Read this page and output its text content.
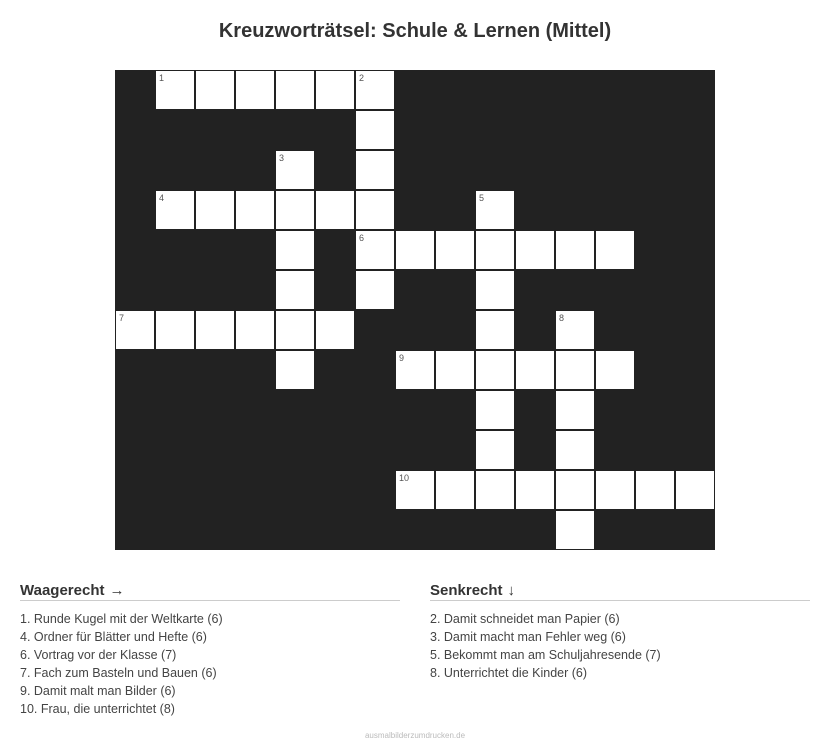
Kreuzworträtsel: Schule & Lernen (Mittel)
1	2
3
4	5
6
7	8
9
10
Waagerecht →
1. Runde Kugel mit der Weltkarte (6)
4. Ordner für Blätter und Hefte (6)
6. Vortrag vor der Klasse (7)
7. Fach zum Basteln und Bauen (6)
9. Damit malt man Bilder (6)
10. Frau, die unterrichtet (8)
Senkrecht ↓
2. Damit schneidet man Papier (6)
3. Damit macht man Fehler weg (6)
5. Bekommt man am Schuljahresende (7)
8. Unterrichtet die Kinder (6)
ausmalbilderzumdrucken.de
